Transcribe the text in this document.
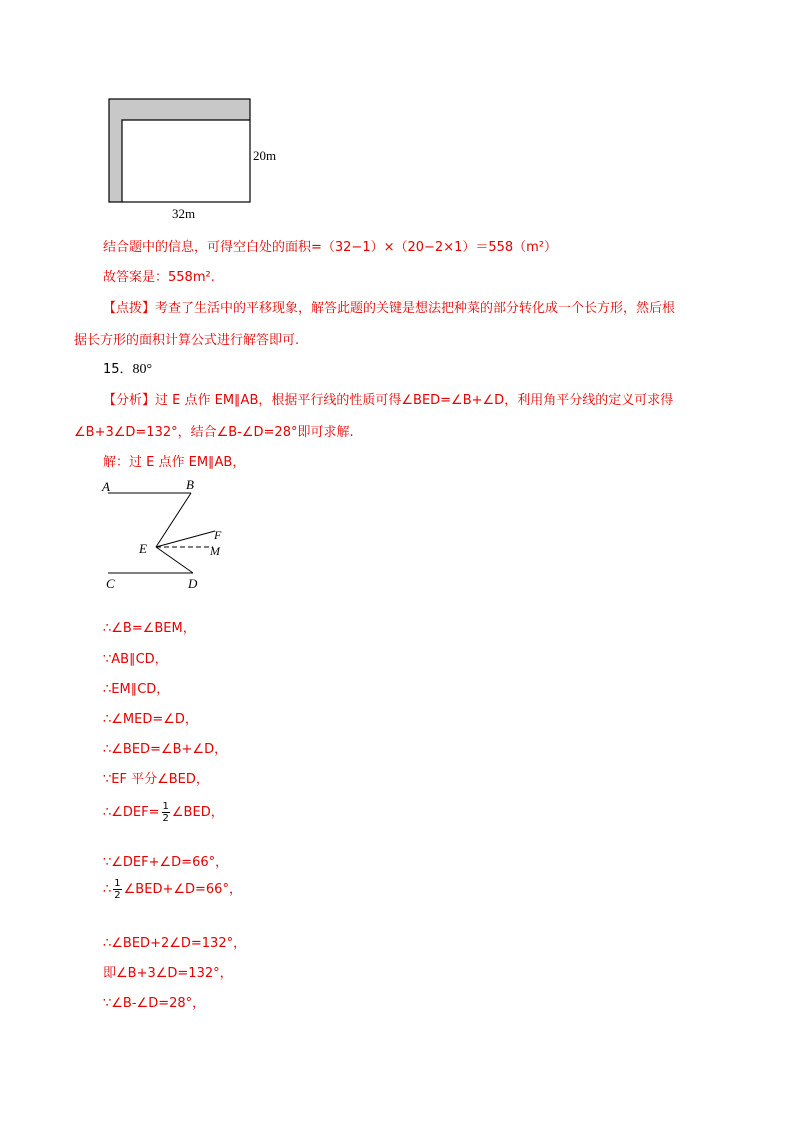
32m
20m
结合题中的信息，可得空白处的面积=（32−1）×（20−2×1）＝558（m²）
故答案是：558m².
【点拨】考查了生活中的平移现象，解答此题的关键是想法把种菜的部分转化成一个长方形，然后根
据长方形的面积计算公式进行解答即可.
15．80°
【分析】过 E 点作 EM∥AB，根据平行线的性质可得∠BED=∠B+∠D，利用角平分线的定义可求得
∠B+3∠D=132°，结合∠B-∠D=28°即可求解.
解：过 E 点作 EM∥AB，
A	B
C	D
E
F
M
∴∠B=∠BEM，
∵AB∥CD，
∴EM∥CD，
∴∠MED=∠D，
∴∠BED=∠B+∠D，
∵EF 平分∠BED，
∴∠DEF= $\frac{1}{2}$ ∠BED，
∵∠DEF+∠D=66°，
∴ $\frac{1}{2}$ ∠BED+∠D=66°，
∴∠BED+2∠D=132°，
即∠B+3∠D=132°，
∵∠B-∠D=28°，
